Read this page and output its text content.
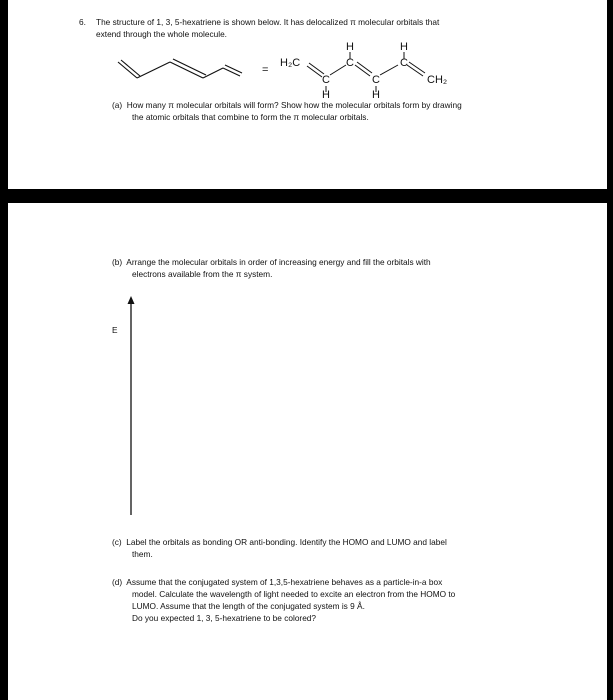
6. The structure of 1, 3, 5-hexatriene is shown below. It has delocalized π molecular orbitals that
extend through the whole molecule.
=
H₂C
C
C
C
C
CH₂
H	H
H	H
(a)  How many π molecular orbitals will form? Show how the molecular orbitals form by drawing
the atomic orbitals that combine to form the π molecular orbitals.
(b)  Arrange the molecular orbitals in order of increasing energy and fill the orbitals with
electrons available from the π system.
E
(c)  Label the orbitals as bonding OR anti-bonding. Identify the HOMO and LUMO and label
them.
(d)  Assume that the conjugated system of 1,3,5-hexatriene behaves as a particle-in-a box
model. Calculate the wavelength of light needed to excite an electron from the HOMO to
LUMO. Assume that the length of the conjugated system is 9 Å.
Do you expected 1, 3, 5-hexatriene to be colored?
